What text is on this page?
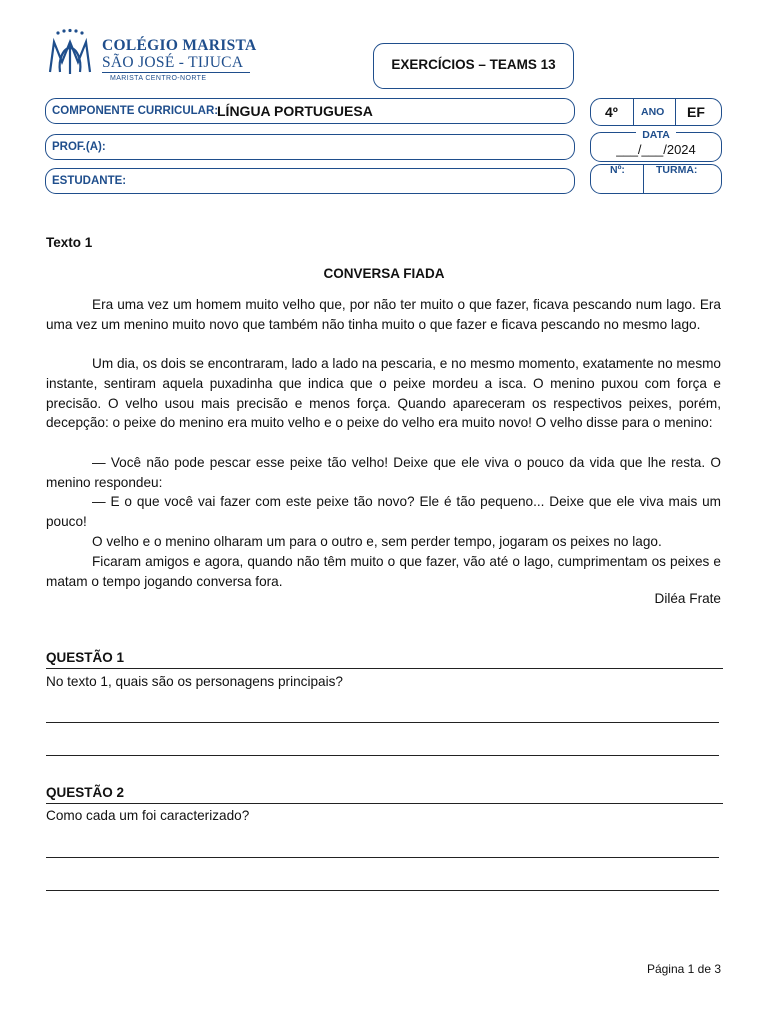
COLÉGIO MARISTA
SÃO JOSÉ - TIJUCA
MARISTA CENTRO-NORTE
EXERCÍCIOS – TEAMS 13
COMPONENTE CURRICULAR:
LÍNGUA PORTUGUESA
PROF.(A):
ESTUDANTE:
4º ANO EF
DATA
___/___/2024
Nº:	TURMA:
Texto 1
CONVERSA FIADA

Era uma vez um homem muito velho que, por não ter muito o que fazer, ficava pescando num lago. Era uma vez um menino muito novo que também não tinha muito o que fazer e ficava pescando no mesmo lago.

Um dia, os dois se encontraram, lado a lado na pescaria, e no mesmo momento, exatamente no mesmo instante, sentiram aquela puxadinha que indica que o peixe mordeu a isca. O menino puxou com força e precisão. O velho usou mais precisão e menos força. Quando apareceram os respectivos peixes, porém, decepção: o peixe do menino era muito velho e o peixe do velho era muito novo! O velho disse para o menino:

— Você não pode pescar esse peixe tão velho! Deixe que ele viva o pouco da vida que lhe resta. O menino respondeu:

— E o que você vai fazer com este peixe tão novo? Ele é tão pequeno... Deixe que ele viva mais um pouco!

O velho e o menino olharam um para o outro e, sem perder tempo, jogaram os peixes no lago.

Ficaram amigos e agora, quando não têm muito o que fazer, vão até o lago, cumprimentam os peixes e matam o tempo jogando conversa fora.

Diléa Frate
QUESTÃO 1
No texto 1, quais são os personagens principais?
QUESTÃO 2
Como cada um foi caracterizado?
Página 1 de 3
